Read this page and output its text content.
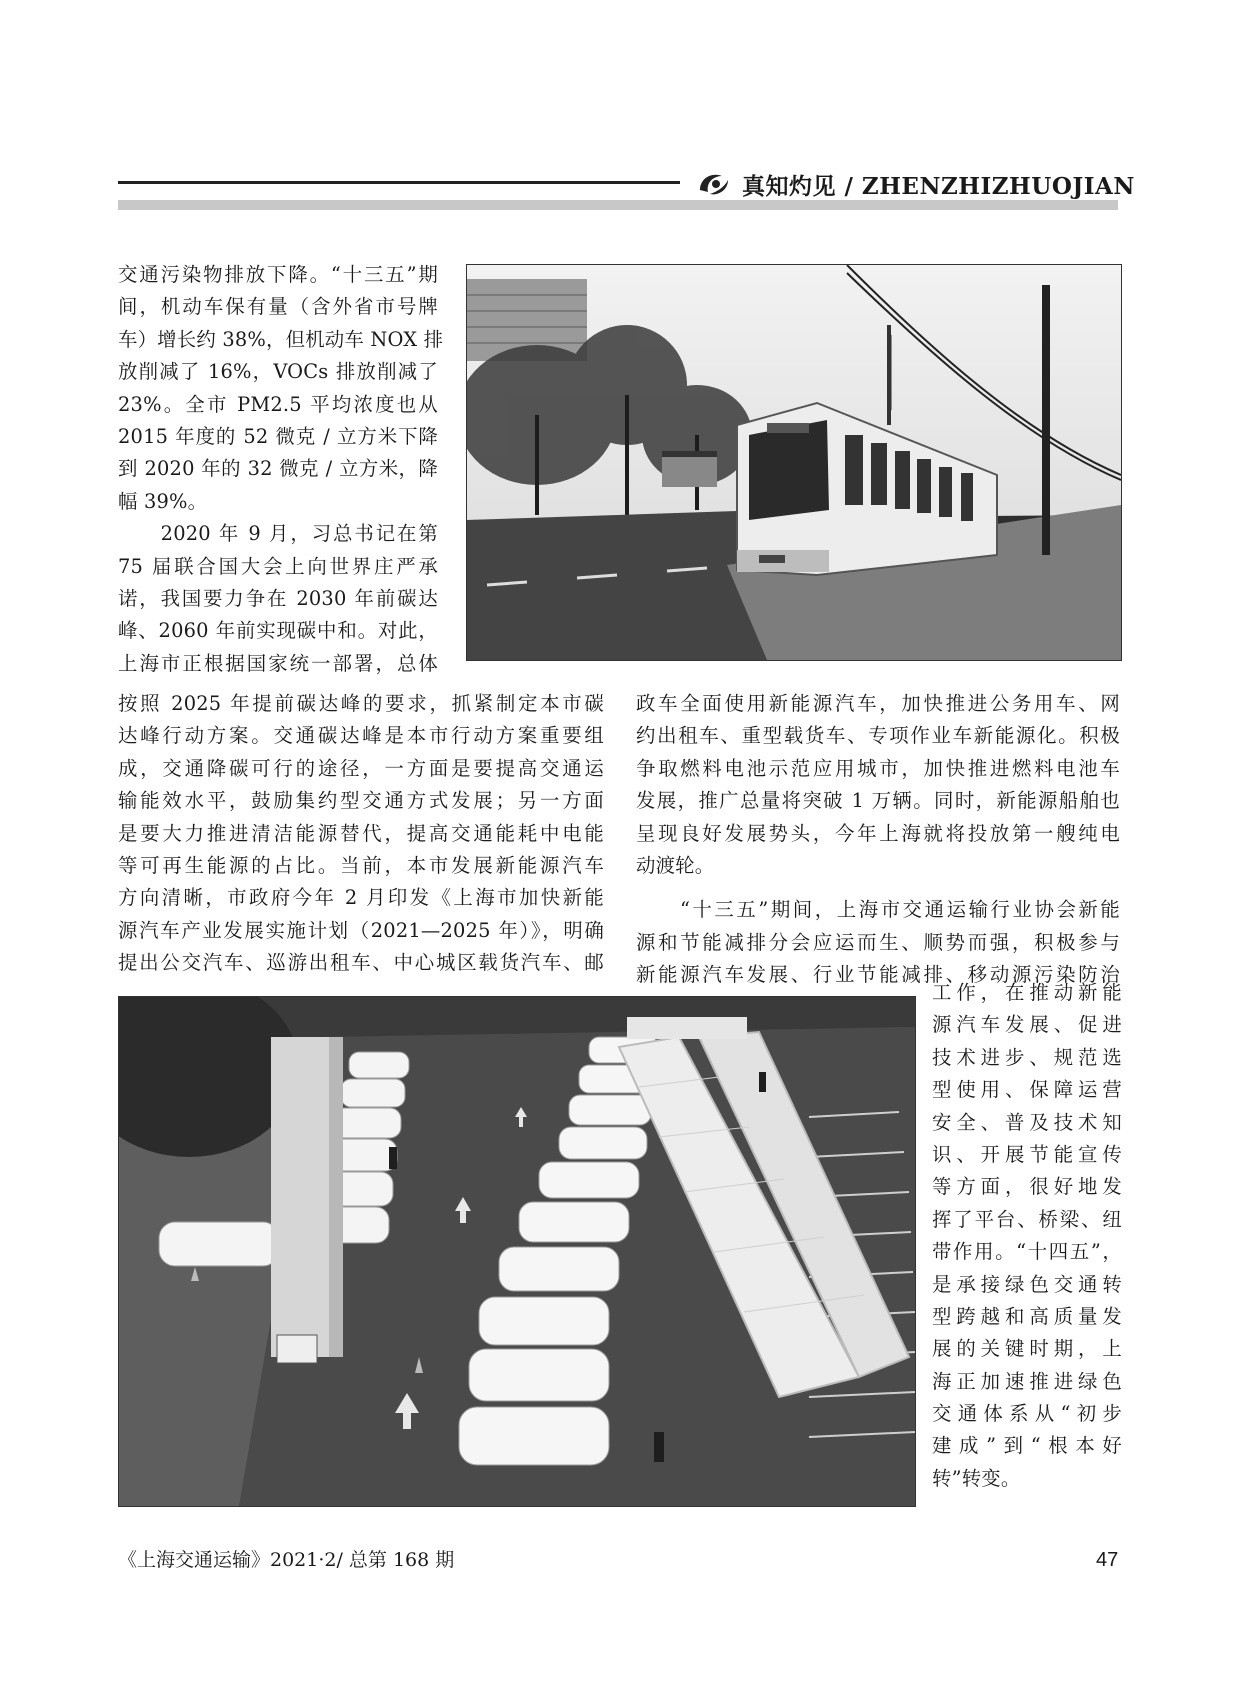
真知灼见 / ZHENZHIZHUOJIAN
交通污染物排放下降。“十三五”期
间，机动车保有量（含外省市号牌
车）增长约 38%，但机动车 NOX 排
放削减了 16%，VOCs 排放削减了
23%。全市 PM2.5 平均浓度也从
2015 年度的 52 微克 / 立方米下降
到 2020 年的 32 微克 / 立方米，降
幅 39%。
　　2020 年 9 月，习总书记在第
75 届联合国大会上向世界庄严承
诺，我国要力争在 2030 年前碳达
峰、2060 年前实现碳中和。对此，
上海市正根据国家统一部署，总体
按照 2025 年提前碳达峰的要求，抓紧制定本市碳
达峰行动方案。交通碳达峰是本市行动方案重要组
成，交通降碳可行的途径，一方面是要提高交通运
输能效水平，鼓励集约型交通方式发展；另一方面
是要大力推进清洁能源替代，提高交通能耗中电能
等可再生能源的占比。当前，本市发展新能源汽车
方向清晰，市政府今年 2 月印发《上海市加快新能
源汽车产业发展实施计划（2021—2025 年）》，明确
提出公交汽车、巡游出租车、中心城区载货汽车、邮
政车全面使用新能源汽车，加快推进公务用车、网
约出租车、重型载货车、专项作业车新能源化。积极
争取燃料电池示范应用城市，加快推进燃料电池车
发展，推广总量将突破 1 万辆。同时，新能源船舶也
呈现良好发展势头，今年上海就将投放第一艘纯电
动渡轮。
　　“十三五”期间，上海市交通运输行业协会新能
源和节能减排分会应运而生、顺势而强，积极参与
新能源汽车发展、行业节能减排、移动源污染防治
工作，在推动新能
源汽车发展、促进
技术进步、规范选
型使用、保障运营
安全、普及技术知
识、开展节能宣传
等方面，很好地发
挥了平台、桥梁、纽
带作用。“十四五”，
是承接绿色交通转
型跨越和高质量发
展的关键时期，上
海正加速推进绿色
交通体系从“初步
建成”到“根本好
转”转变。
《上海交通运输》2021·2/ 总第 168 期	47
